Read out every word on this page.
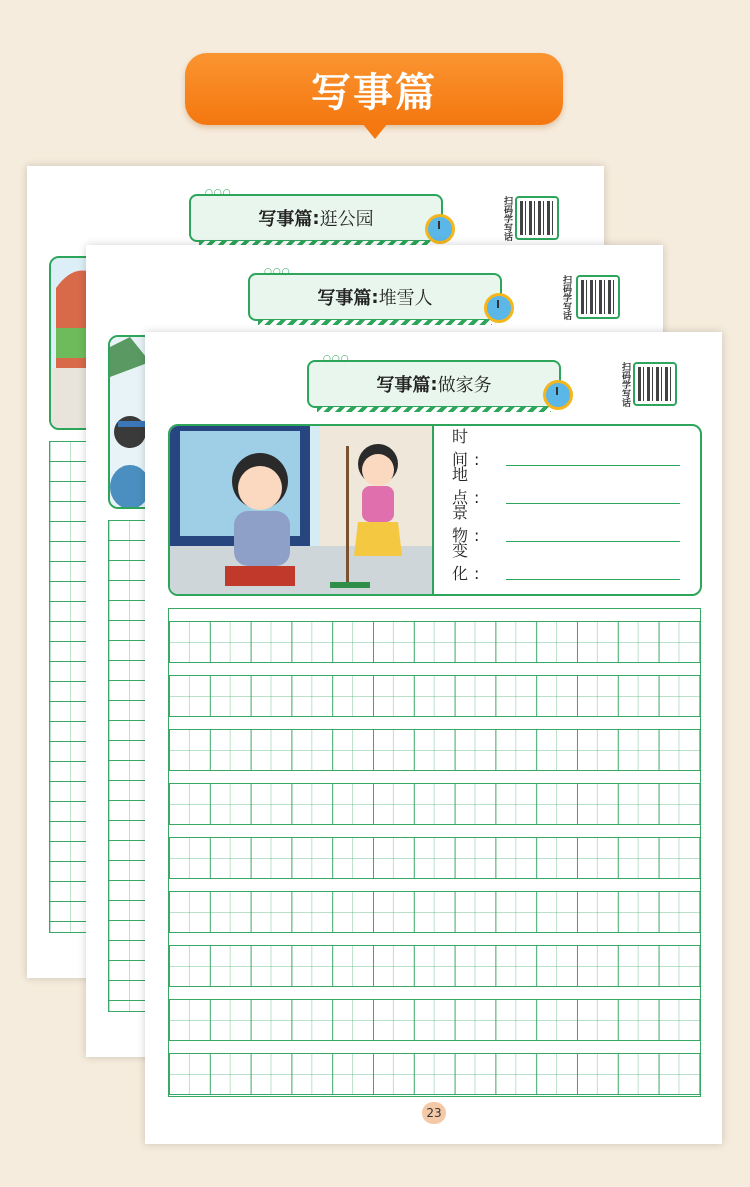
写事篇
○○○
写事篇 : 逛公园	扫码学写话
○○○
写事篇 : 堆雪人	扫码学写话
○○○
写事篇 : 做家务	扫码学写话
时间:
地点:
景物:
变化:
23
